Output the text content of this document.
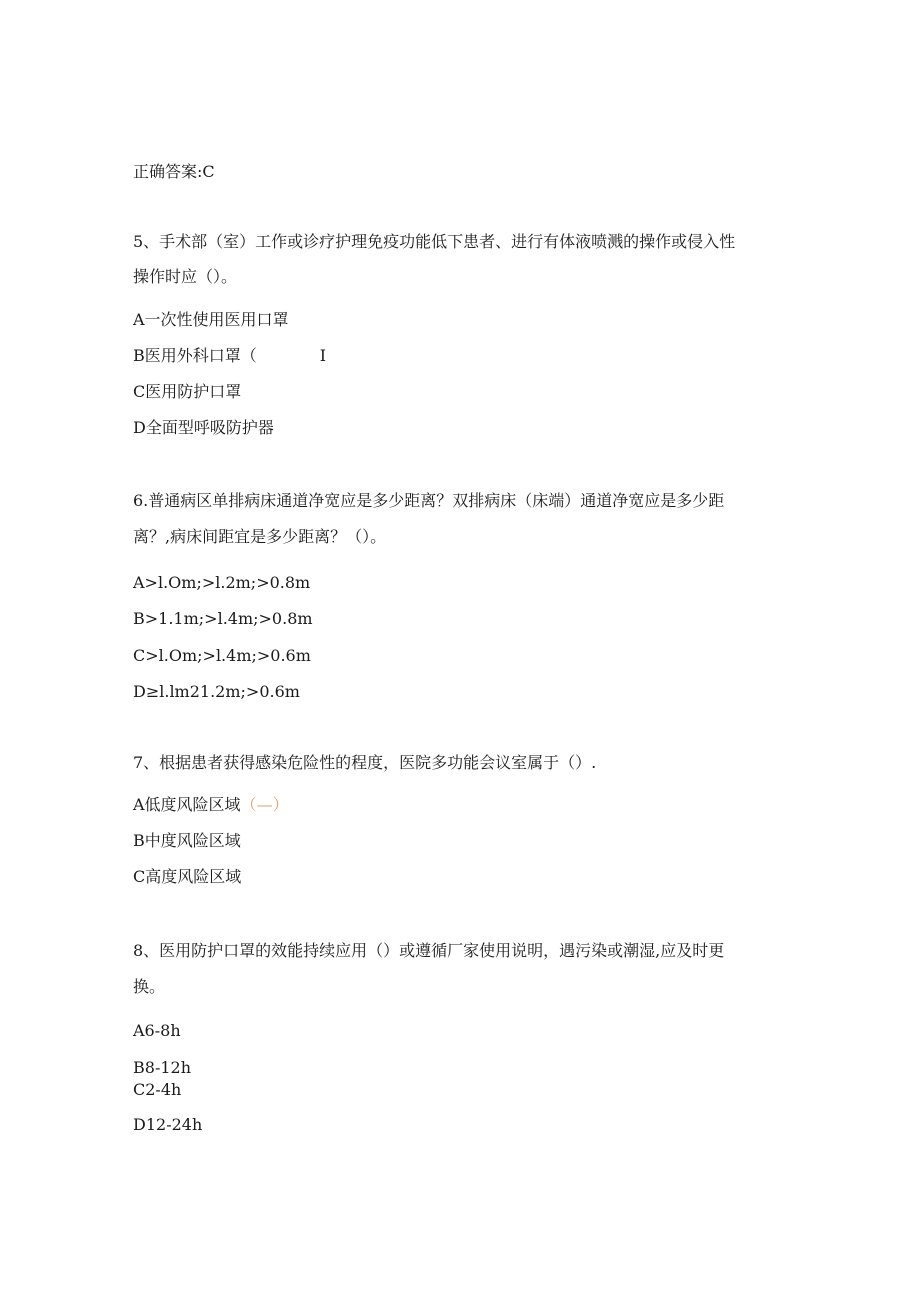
正确答案:C
5、手术部（室）工作或诊疗护理免疫功能低下患者、进行有体液喷溅的操作或侵入性
操作时应（）。
A一次性使用医用口罩
B医用外科口罩（	I
C医用防护口罩
D全面型呼吸防护器
6.普通病区单排病床通道净宽应是多少距离？双排病床（床端）通道净宽应是多少距
离？,病床间距宜是多少距离？（）。
A>l.Om;>l.2m;>0.8m
B>1.1m;>l.4m;>0.8m
C>l.Om;>l.4m;>0.6m
D≥l.lm21.2m;>0.6m
7、根据患者获得感染危险性的程度，医院多功能会议室属于（）.
A低度风险区域（—）
B中度风险区域
C高度风险区域
8、医用防护口罩的效能持续应用（）或遵循厂家使用说明，遇污染或潮湿,应及时更
换。
A6-8h
B8-12h
C2-4h
D12-24h
